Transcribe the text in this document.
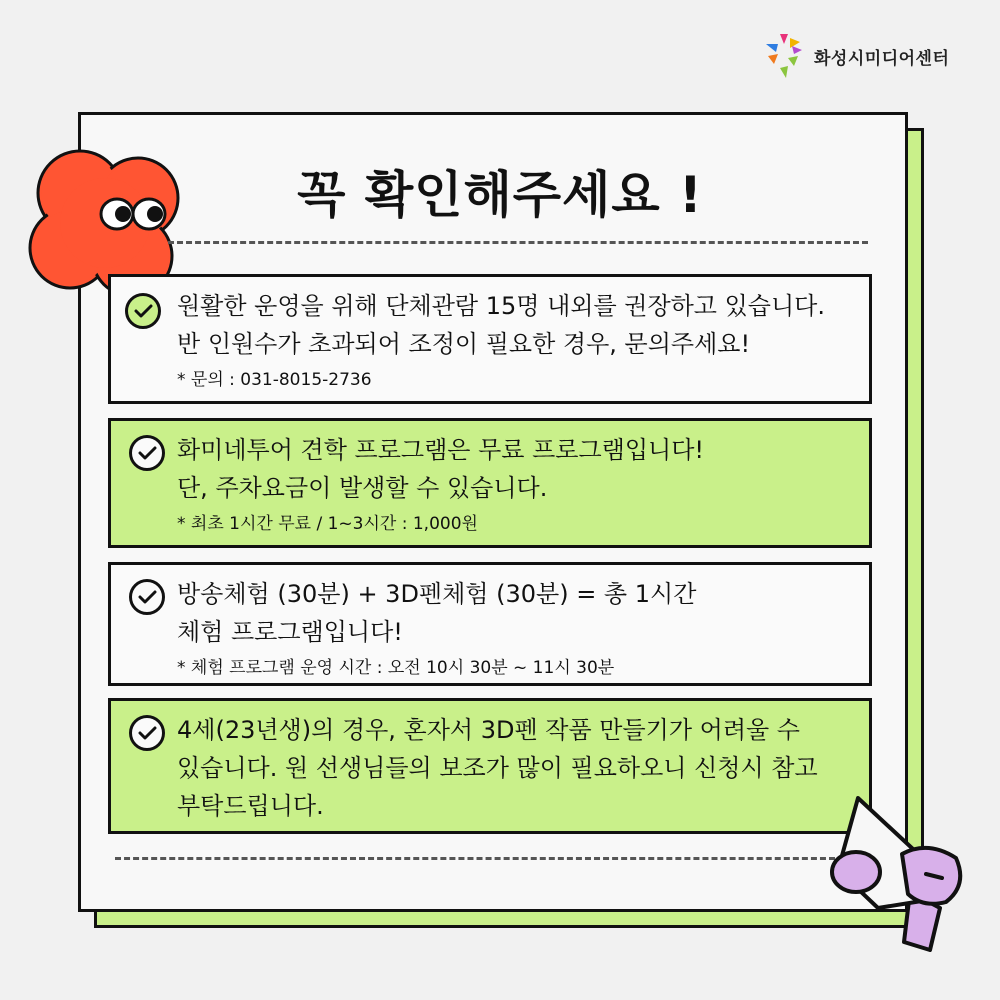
화성시미디어센터
꼭 확인해주세요 !
원활한 운영을 위해 단체관람 15명 내외를 권장하고 있습니다.
반 인원수가 초과되어 조정이 필요한 경우, 문의주세요!
* 문의 : 031-8015-2736
화미네투어 견학 프로그램은 무료 프로그램입니다!
단, 주차요금이 발생할 수 있습니다.
* 최초 1시간 무료 / 1~3시간 : 1,000원
방송체험 (30분) + 3D펜체험 (30분) = 총 1시간
체험 프로그램입니다!
* 체험 프로그램 운영 시간 : 오전 10시 30분 ~ 11시 30분
4세(23년생)의 경우, 혼자서 3D펜 작품 만들기가 어려울 수
있습니다. 원 선생님들의 보조가 많이 필요하오니 신청시 참고
부탁드립니다.
